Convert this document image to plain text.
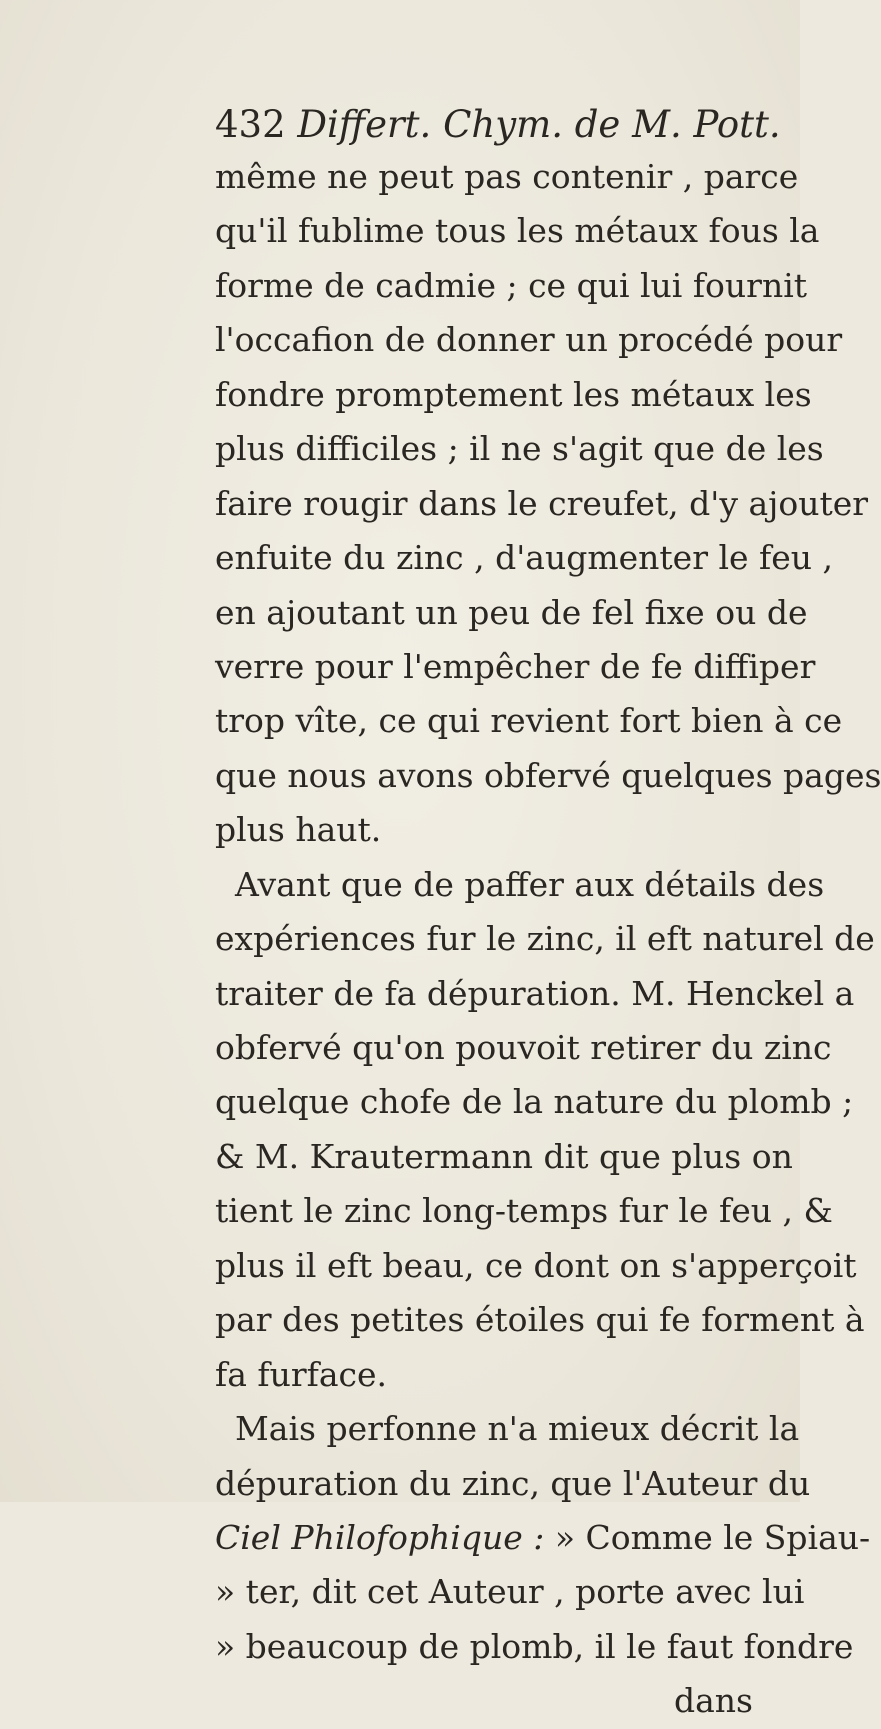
432 Differt. Chym. de M. Pott.
même ne peut pas contenir , parce
qu'il fublime tous les métaux fous la
forme de cadmie ; ce qui lui fournit
l'occafion de donner un procédé pour
fondre promptement les métaux les
plus difficiles ; il ne s'agit que de les
faire rougir dans le creufet, d'y ajouter
enfuite du zinc , d'augmenter le feu ,
en ajoutant un peu de fel fixe ou de
verre pour l'empêcher de fe diffiper
trop vîte, ce qui revient fort bien à ce
que nous avons obfervé quelques pages
plus haut.
Avant que de paffer aux détails des
expériences fur le zinc, il eft naturel de
traiter de fa dépuration. M. Henckel a
obfervé qu'on pouvoit retirer du zinc
quelque chofe de la nature du plomb ;
& M. Krautermann dit que plus on
tient le zinc long-temps fur le feu , &
plus il eft beau, ce dont on s'apperçoit
par des petites étoiles qui fe forment à
fa furface.
Mais perfonne n'a mieux décrit la
dépuration du zinc, que l'Auteur du
Ciel Philofophique : » Comme le Spiau-
» ter, dit cet Auteur , porte avec lui
» beaucoup de plomb, il le faut fondre
dans
